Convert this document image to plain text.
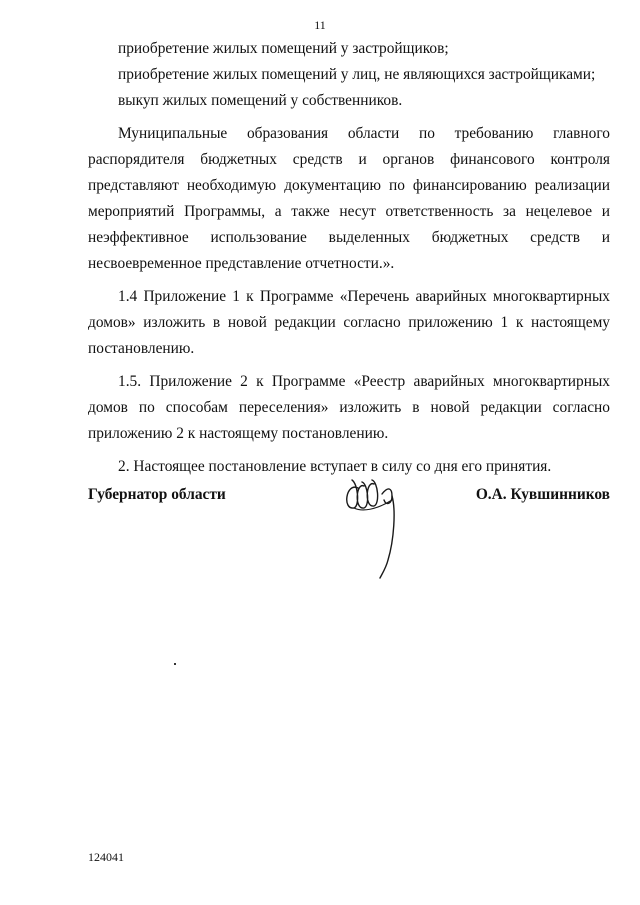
11

приобретение жилых помещений у застройщиков;

приобретение жилых помещений у лиц, не являющихся застройщиками;

выкуп жилых помещений у собственников.

Муниципальные образования области по требованию главного распорядителя бюджетных средств и органов финансового контроля представляют необходимую документацию по финансированию реализации мероприятий Программы, а также несут ответственность за нецелевое и неэффективное использование выделенных бюджетных средств и несвоевременное представление отчетности.».

1.4 Приложение 1 к Программе «Перечень аварийных многоквартирных домов» изложить в новой редакции согласно приложению 1 к настоящему постановлению.

1.5. Приложение 2 к Программе «Реестр аварийных многоквартирных домов по способам переселения» изложить в новой редакции согласно приложению 2 к настоящему постановлению.

2. Настоящее постановление вступает в силу со дня его принятия.

Губернатор области	О.А. Кувшинников
124041
